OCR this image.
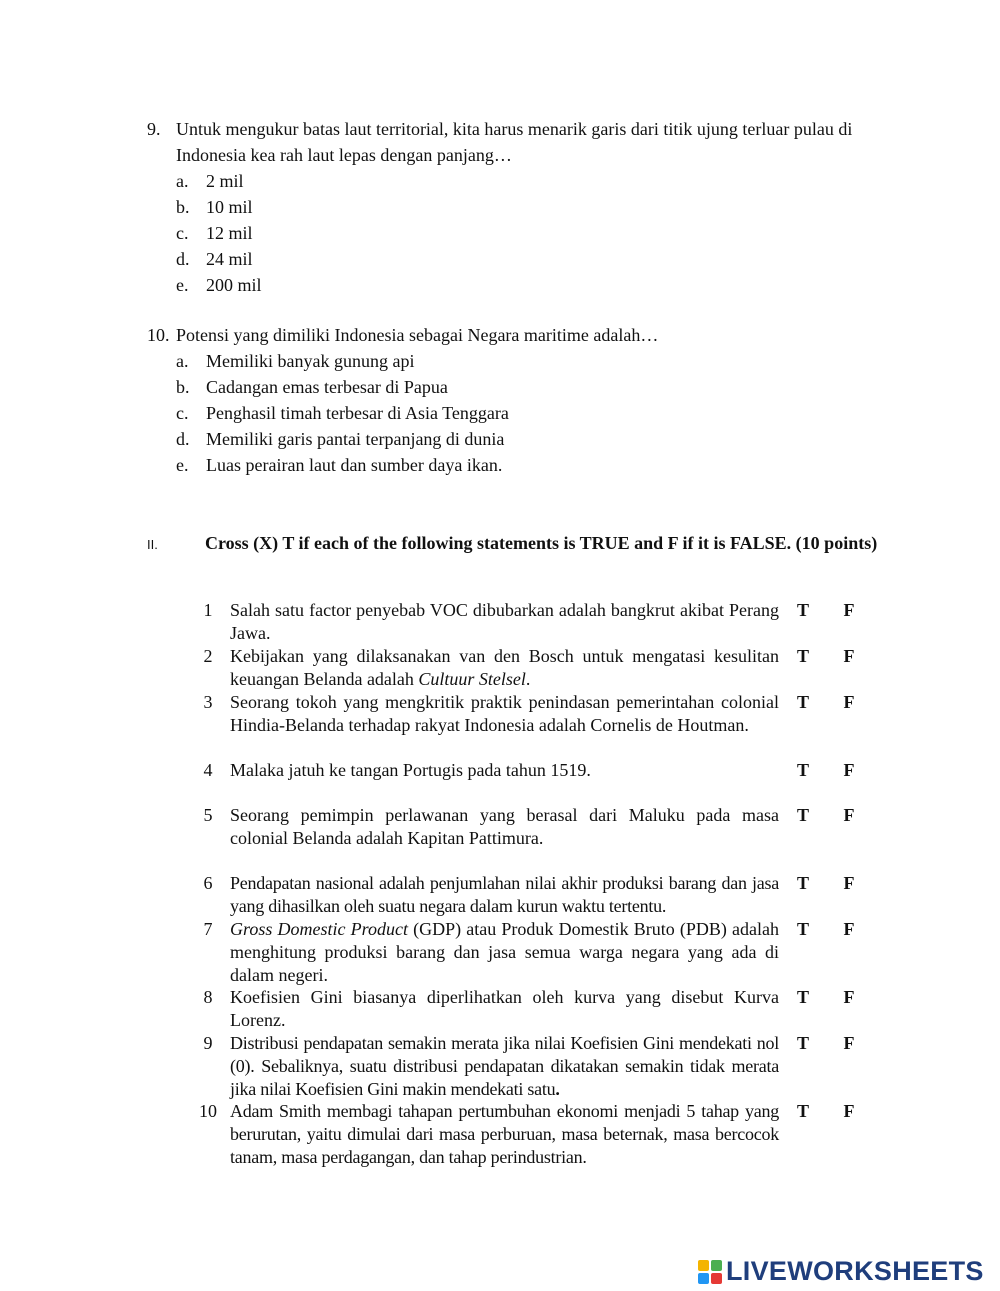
9. Untuk mengukur batas laut territorial, kita harus menarik garis dari titik ujung terluar pulau di Indonesia kea rah laut lepas dengan panjang…
a. 2 mil
b. 10 mil
c. 12 mil
d. 24 mil
e. 200 mil
10. Potensi yang dimiliki Indonesia sebagai Negara maritime adalah…
a. Memiliki banyak gunung api
b. Cadangan emas terbesar di Papua
c. Penghasil timah terbesar di Asia Tenggara
d. Memiliki garis pantai terpanjang di dunia
e. Luas perairan laut dan sumber daya ikan.
II.	Cross (X) T if each of the following statements is TRUE and F if it is FALSE. (10 points)
1 Salah satu factor penyebab VOC dibubarkan adalah bangkrut akibat Perang Jawa.
T	F
2 Kebijakan yang dilaksanakan van den Bosch untuk mengatasi kesulitan keuangan Belanda adalah Cultuur Stelsel.
T	F
3 Seorang tokoh yang mengkritik praktik penindasan pemerintahan colonial Hindia-Belanda terhadap rakyat Indonesia adalah Cornelis de Houtman.
T	F
4 Malaka jatuh ke tangan Portugis pada tahun 1519.	T	F
5 Seorang pemimpin perlawanan yang berasal dari Maluku pada masa colonial Belanda adalah Kapitan Pattimura.
T	F
6 Pendapatan nasional adalah penjumlahan nilai akhir produksi barang dan jasa yang dihasilkan oleh suatu negara dalam kurun waktu tertentu.
T	F
7 Gross Domestic Product (GDP) atau Produk Domestik Bruto (PDB) adalah menghitung produksi barang dan jasa semua warga negara yang ada di dalam negeri.
T	F
8 Koefisien Gini biasanya diperlihatkan oleh kurva yang disebut Kurva Lorenz.
T	F
9 Distribusi pendapatan semakin merata jika nilai Koefisien Gini mendekati nol (0). Sebaliknya, suatu distribusi pendapatan dikatakan semakin tidak merata jika nilai Koefisien Gini makin mendekati satu.
T	F
10 Adam Smith membagi tahapan pertumbuhan ekonomi menjadi 5 tahap yang berurutan, yaitu dimulai dari masa perburuan, masa beternak, masa bercocok tanam, masa perdagangan, dan tahap perindustrian.
T	F
LIVEWORKSHEETS
